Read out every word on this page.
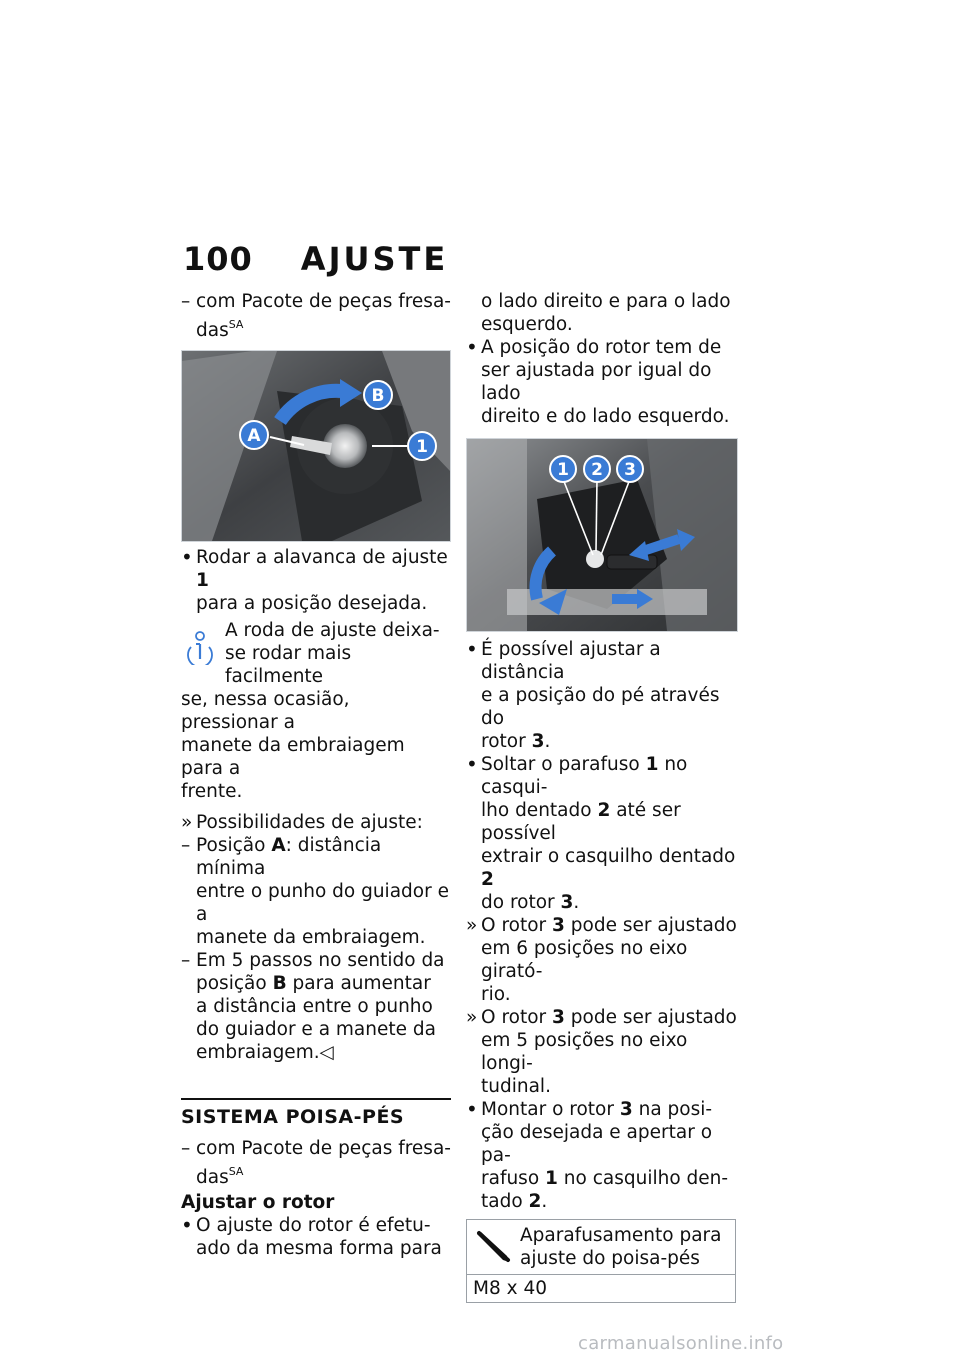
100 AJUSTE
–
com Pacote de peças fresa-
das$^{SA}$
A
B
1
•
Rodar a alavanca de ajuste 1
para a posição desejada.

A roda de ajuste deixa-

se rodar mais facilmente

se, nessa ocasião, pressionar a

manete da embraiagem para a

frente.

»
Possibilidades de ajuste:
–
Posição A: distância mínima
entre o punho do guiador e a
manete da embraiagem.
–
Em 5 passos no sentido da
posição B para aumentar
a distância entre o punho
do guiador e a manete da
embraiagem.◁
SISTEMA POISA-PÉS
–
com Pacote de peças fresa-
das$^{SA}$
Ajustar o rotor
•
O ajuste do rotor é efetu-
ado da mesma forma para
o lado direito e para o lado
esquerdo.
•
A posição do rotor tem de
ser ajustada por igual do lado
direito e do lado esquerdo.
1 2 3
•
É possível ajustar a distância
e a posição do pé através do
rotor 3.
•
Soltar o parafuso 1 no casqui-
lho dentado 2 até ser possível
extrair o casquilho dentado 2
do rotor 3.
»
O rotor 3 pode ser ajustado
em 6 posições no eixo girató-
rio.
»
O rotor 3 pode ser ajustado
em 5 posições no eixo longi-
tudinal.
•
Montar o rotor 3 na posi-
ção desejada e apertar o pa-
rafuso 1 no casquilho den-
tado 2.
Aparafusamento para
ajuste do poisa-pés
M8 x 40
carmanualsonline.info
